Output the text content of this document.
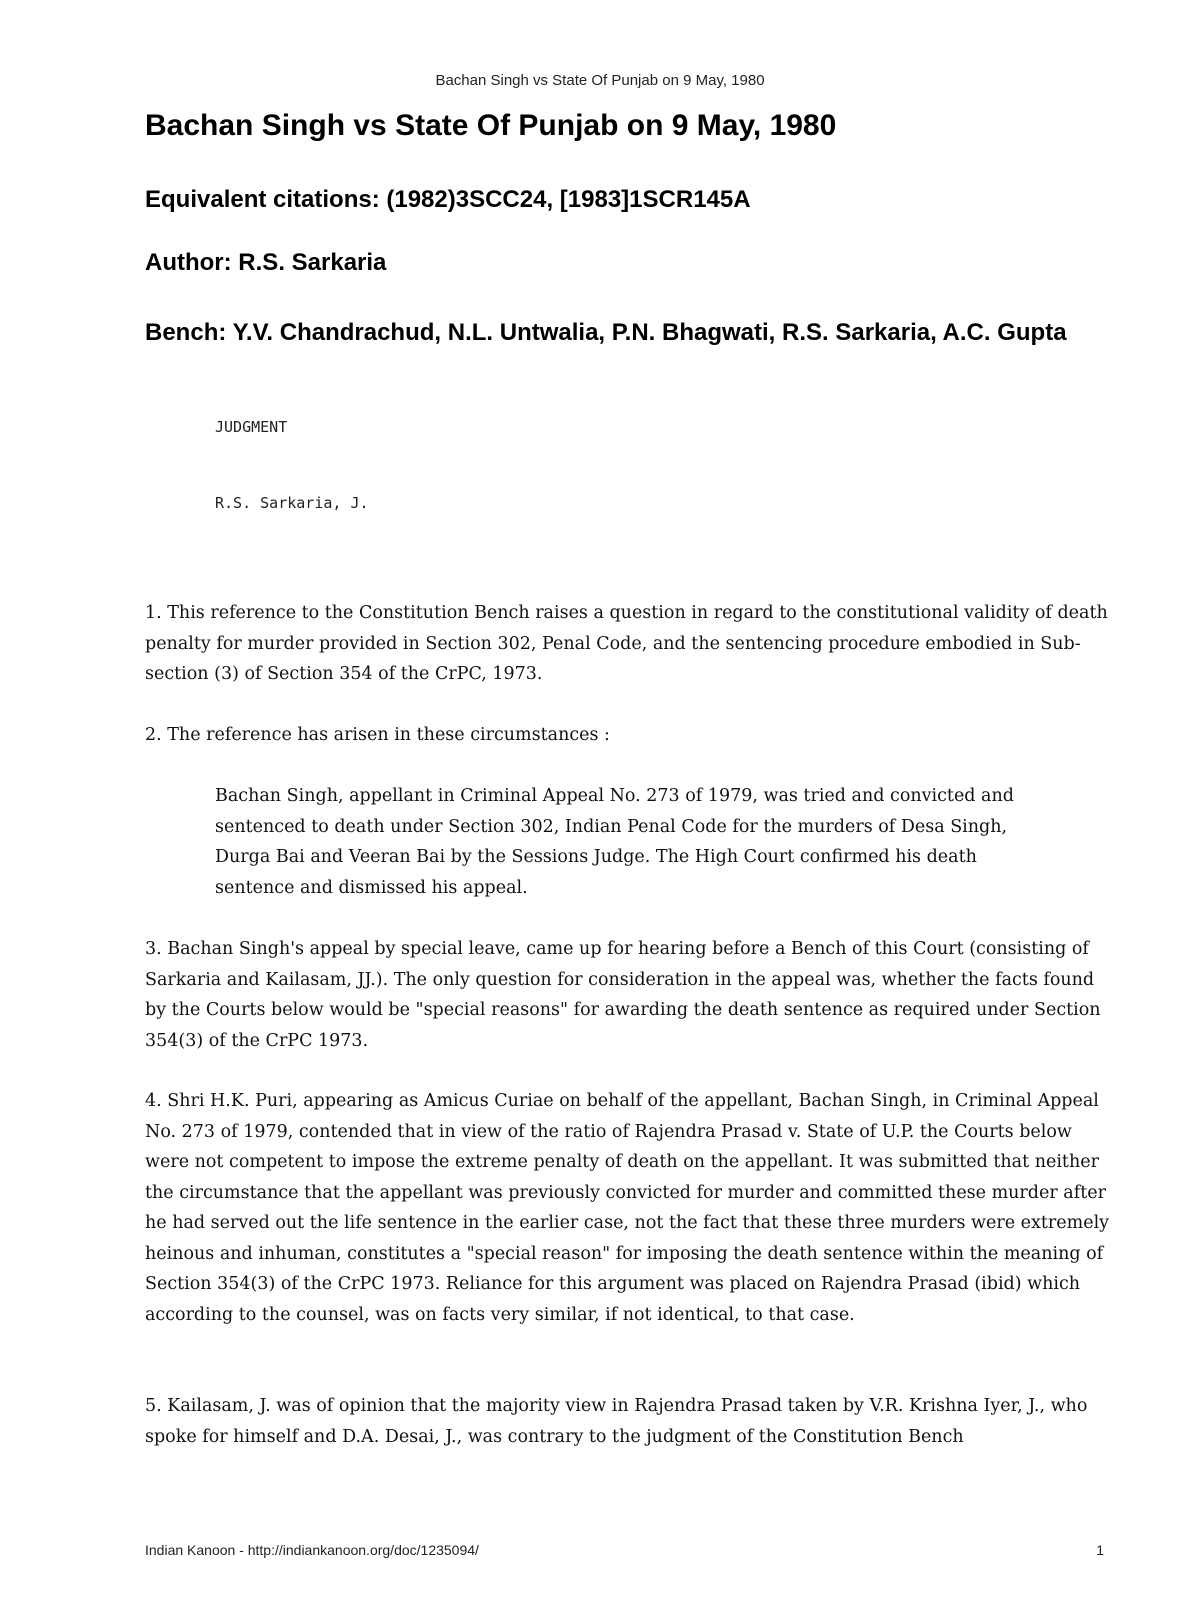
Bachan Singh vs State Of Punjab on 9 May, 1980
Bachan Singh vs State Of Punjab on 9 May, 1980
Equivalent citations: (1982)3SCC24, [1983]1SCR145A
Author: R.S. Sarkaria
Bench: Y.V. Chandrachud, N.L. Untwalia, P.N. Bhagwati, R.S. Sarkaria, A.C. Gupta
JUDGMENT
R.S. Sarkaria, J.

1. This reference to the Constitution Bench raises a question in regard to the constitutional validity of death penalty for murder provided in Section 302, Penal Code, and the sentencing procedure embodied in Sub-section (3) of Section 354 of the CrPC, 1973.

2. The reference has arisen in these circumstances :

Bachan Singh, appellant in Criminal Appeal No. 273 of 1979, was tried and convicted and sentenced to death under Section 302, Indian Penal Code for the murders of Desa Singh, Durga Bai and Veeran Bai by the Sessions Judge. The High Court confirmed his death sentence and dismissed his appeal.

3. Bachan Singh's appeal by special leave, came up for hearing before a Bench of this Court (consisting of Sarkaria and Kailasam, JJ.). The only question for consideration in the appeal was, whether the facts found by the Courts below would be "special reasons" for awarding the death sentence as required under Section 354(3) of the CrPC 1973.

4. Shri H.K. Puri, appearing as Amicus Curiae on behalf of the appellant, Bachan Singh, in Criminal Appeal No. 273 of 1979, contended that in view of the ratio of Rajendra Prasad v. State of U.P. the Courts below were not competent to impose the extreme penalty of death on the appellant. It was submitted that neither the circumstance that the appellant was previously convicted for murder and committed these murder after he had served out the life sentence in the earlier case, not the fact that these three murders were extremely heinous and inhuman, constitutes a "special reason" for imposing the death sentence within the meaning of Section 354(3) of the CrPC 1973. Reliance for this argument was placed on Rajendra Prasad (ibid) which according to the counsel, was on facts very similar, if not identical, to that case.

5. Kailasam, J. was of opinion that the majority view in Rajendra Prasad taken by V.R. Krishna Iyer, J., who spoke for himself and D.A. Desai, J., was contrary to the judgment of the Constitution Bench

Indian Kanoon - http://indiankanoon.org/doc/1235094/	1
